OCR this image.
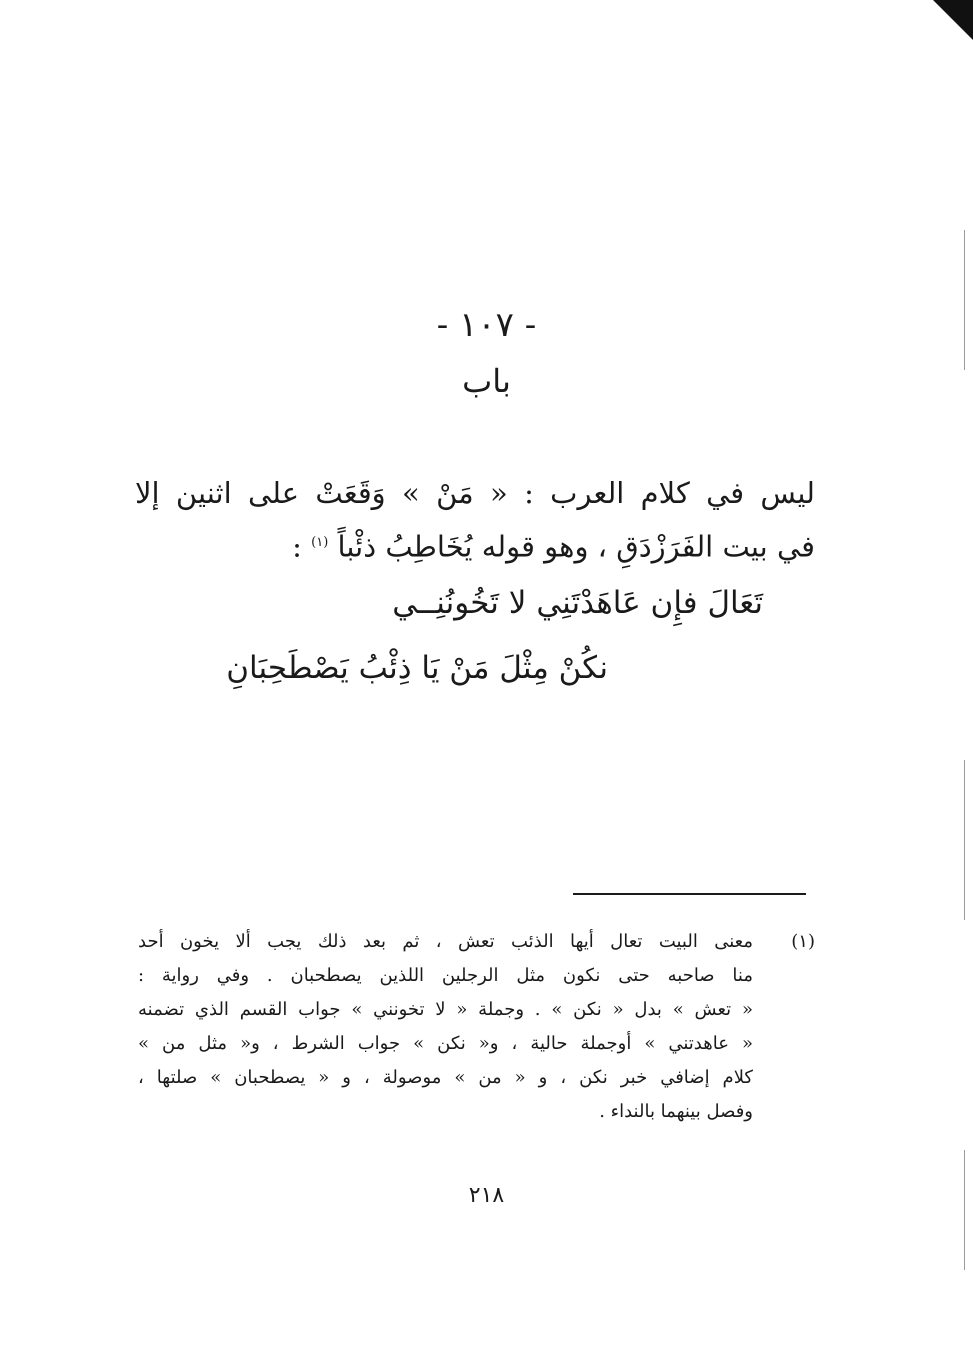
- ١٠٧ -
باب
ليس في كلام العرب : « مَنْ » وَقَعَتْ على اثنين إلا
في بيت الفَرَزْدَقِ ، وهو قوله يُخَاطِبُ ذئْباً $^{(١)}$ :
تَعَالَ فإِن عَاهَدْتَنِي لا تَخُونُنِــي
نكُنْ مِثْلَ مَنْ يَا ذِئْبُ يَصْطَحِبَانِ
(١)
معنى البيت تعال أيها الذئب تعش ، ثم بعد ذلك يجب ألا يخون أحد
منا صاحبه حتى نكون مثل الرجلين اللذين يصطحبان . وفي رواية :
« تعش » بدل « نكن » . وجملة « لا تخونني » جواب القسم الذي تضمنه
« عاهدتني » أوجملة حالية ، و« نكن » جواب الشرط ، و« مثل من »
كلام إضافي خبر نكن ، و « من » موصولة ، و « يصطحبان » صلتها ،
وفصل بينهما بالنداء .
٢١٨
